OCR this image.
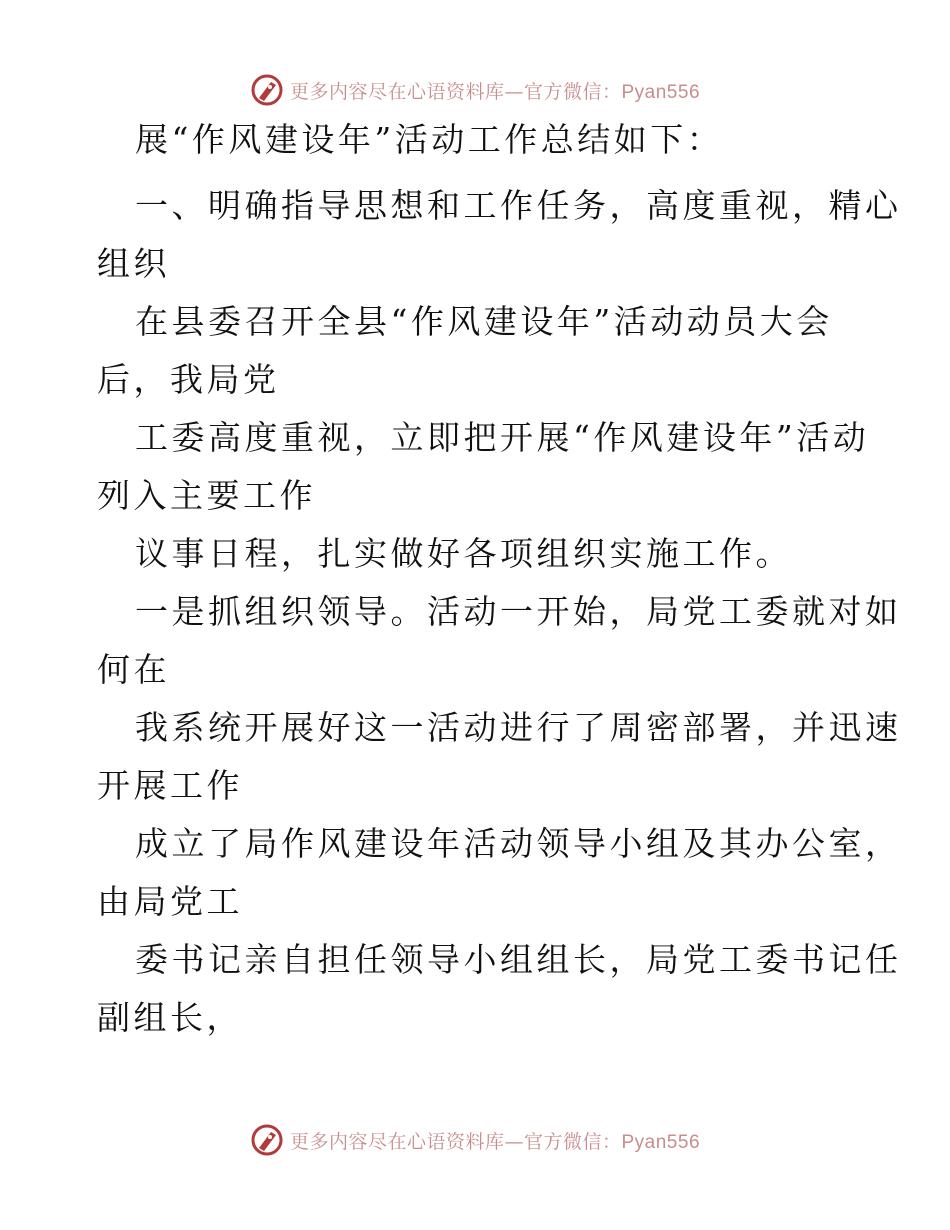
更多内容尽在心语资料库—官方微信：Pyan556
展“作风建设年”活动工作总结如下：
一、明确指导思想和工作任务，高度重视，精心
组织
在县委召开全县“作风建设年”活动动员大会
后，我局党
工委高度重视，立即把开展“作风建设年”活动
列入主要工作
议事日程，扎实做好各项组织实施工作。
一是抓组织领导。活动一开始，局党工委就对如
何在
我系统开展好这一活动进行了周密部署，并迅速
开展工作
成立了局作风建设年活动领导小组及其办公室，
由局党工
委书记亲自担任领导小组组长，局党工委书记任
副组长，
更多内容尽在心语资料库—官方微信：Pyan556
